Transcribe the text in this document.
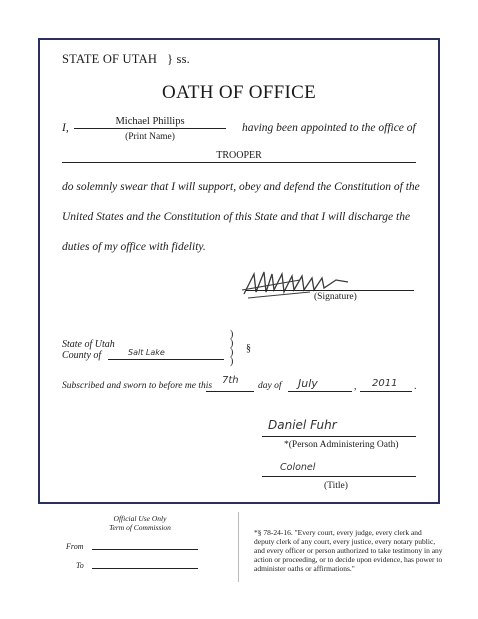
STATE OF UTAH } ss.
OATH OF OFFICE
I,
Michael Phillips
(Print Name)
having been appointed to the office of
TROOPER
do solemnly swear that I will support, obey and defend the Constitution of the
United States and the Constitution of this State and that I will discharge the
duties of my office with fidelity.
(Signature)
State of Utah
County of	Salt Lake
)
)
)
)
§
Subscribed and sworn to before me this 7th day of July	, 2011 .
Daniel Fuhr
*(Person Administering Oath)
Colonel
(Title)
Official Use Only
Term of Commission
From
To
*§ 78-24-16. "Every court, every judge, every clerk and deputy clerk of any court, every justice, every notary public, and every officer or person authorized to take testimony in any action or proceeding, or to decide upon evidence, has power to administer oaths or affirmations."
